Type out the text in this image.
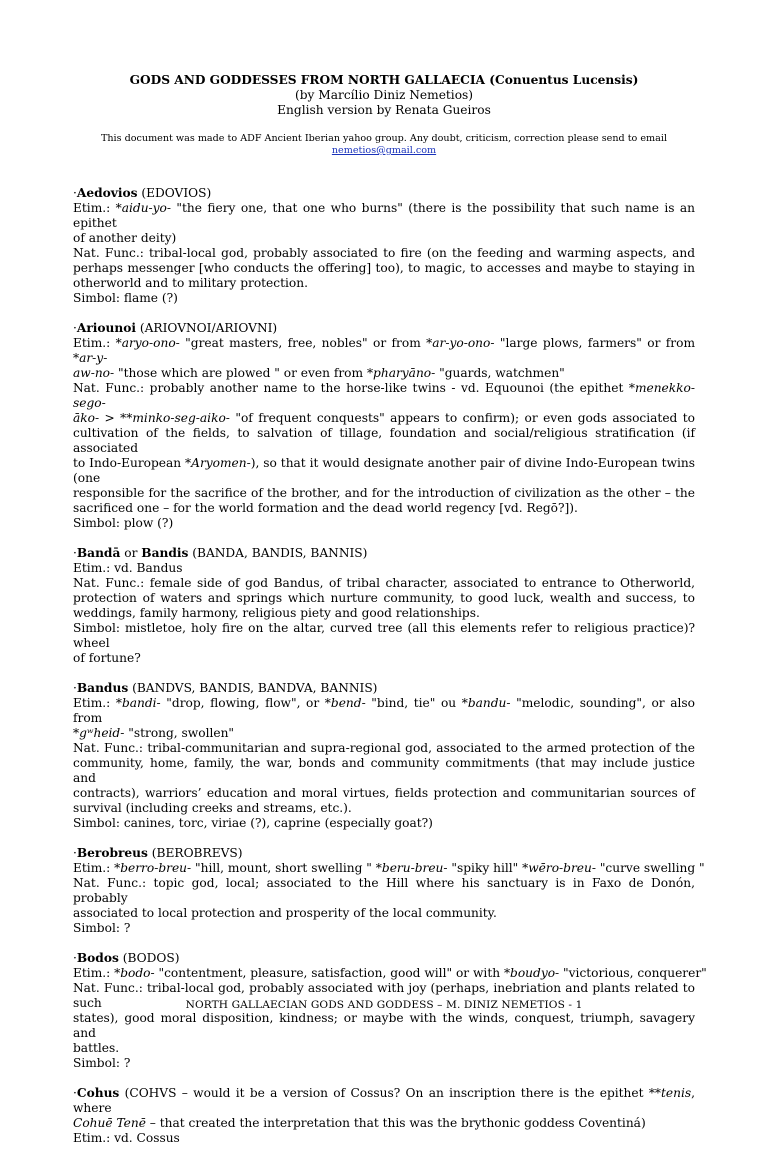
GODS AND GODDESSES FROM NORTH GALLAECIA (Conuentus Lucensis)
(by Marcílio Diniz Nemetios)
English version by Renata Gueiros
This document was made to ADF Ancient Iberian yahoo group. Any doubt, criticism, correction please send to email
nemetios@gmail.com
·Aedovios (EDOVIOS)
Etim.: *aidu-yo- "the fiery one, that one who burns" (there is the possibility that such name is an epithet
of another deity)
Nat. Func.: tribal-local god, probably associated to fire (on the feeding and warming aspects, and
perhaps messenger [who conducts the offering] too), to magic, to accesses and maybe to staying in
otherworld and to military protection.
Simbol: flame (?)
·Ariounoi (ARIOVNOI/ARIOVNI)
Etim.: *aryo-ono- "great masters, free, nobles" or from *ar-yo-ono- "large plows, farmers" or from *ar-y-
aw-no- "those which are plowed " or even from *pharyāno- "guards, watchmen"
Nat. Func.: probably another name to the horse-like twins - vd. Equounoi (the epithet *menekko-sego-
āko- > **minko-seg-aiko- "of frequent conquests" appears to confirm); or even gods associated to
cultivation of the fields, to salvation of tillage, foundation and social/religious stratification (if associated
to Indo-European *Aryomen-), so that it would designate another pair of divine Indo-European twins (one
responsible for the sacrifice of the brother, and for the introduction of civilization as the other – the
sacrificed one – for the world formation and the dead world regency [vd. Regō?]).
Simbol: plow (?)
·Bandā or Bandis (BANDA, BANDIS, BANNIS)
Etim.: vd. Bandus
Nat. Func.: female side of god Bandus, of tribal character, associated to entrance to Otherworld,
protection of waters and springs which nurture community, to good luck, wealth and success, to
weddings, family harmony, religious piety and good relationships.
Simbol: mistletoe, holy fire on the altar, curved tree (all this elements refer to religious practice)? wheel
of fortune?
·Bandus (BANDVS, BANDIS, BANDVA, BANNIS)
Etim.: *bandi- "drop, flowing, flow", or *bend- "bind, tie" ou *bandu- "melodic, sounding", or also from
*gʷheid- "strong, swollen"
Nat. Func.: tribal-communitarian and supra-regional god, associated to the armed protection of the
community, home, family, the war, bonds and community commitments (that may include justice and
contracts), warriors’ education and moral virtues, fields protection and communitarian sources of
survival (including creeks and streams, etc.).
Simbol: canines, torc, viriae (?), caprine (especially goat?)
·Berobreus (BEROBREVS)
Etim.: *berro-breu- "hill, mount, short swelling " *beru-breu- "spiky hill" *wēro-breu- "curve swelling "
Nat. Func.: topic god, local; associated to the Hill where his sanctuary is in Faxo de Donón, probably
associated to local protection and prosperity of the local community.
Simbol: ?
·Bodos (BODOS)
Etim.: *bodo- "contentment, pleasure, satisfaction, good will" or with *boudyo- "victorious, conquerer"
Nat. Func.: tribal-local god, probably associated with joy (perhaps, inebriation and plants related to such
states), good moral disposition, kindness; or maybe with the winds, conquest, triumph, savagery and
battles.
Simbol: ?
·Cohus (COHVS – would it be a version of Cossus? On an inscription there is the epithet **tenis, where
Cohuē Tenē – that created the interpretation that this was the brythonic goddess Coventiná)
Etim.: vd. Cossus
NORTH GALLAECIAN GODS AND GODDESS – M. DINIZ NEMETIOS - 1
